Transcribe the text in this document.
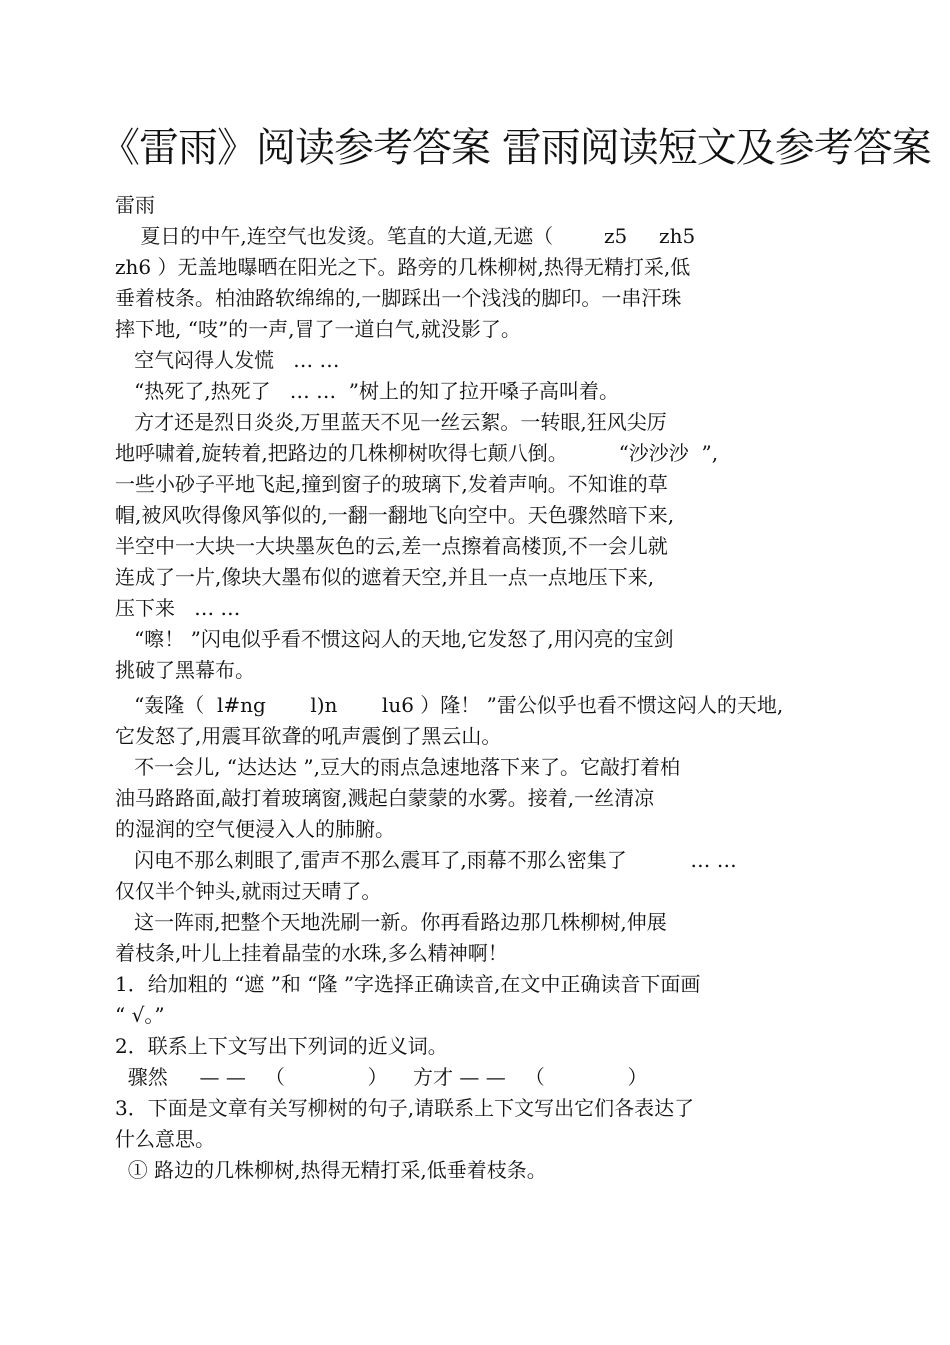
《雷雨》阅读参考答案 雷雨阅读短文及参考答案
雷雨
夏日的中午,连空气也发烫。笔直的大道,无遮（        z5     zh5
zh6 ）无盖地曝晒在阳光之下。路旁的几株柳树,热得无精打采,低
垂着枝条。柏油路软绵绵的,一脚踩出一个浅浅的脚印。一串汗珠
摔下地, “吱”的一声,冒了一道白气,就没影了。
空气闷得人发慌   … …
“热死了,热死了   … …  ”树上的知了拉开嗓子高叫着。
方才还是烈日炎炎,万里蓝天不见一丝云絮。一转眼,狂风尖厉
地呼啸着,旋转着,把路边的几株柳树吹得七颠八倒。        “沙沙沙  ”,
一些小砂子平地飞起,撞到窗子的玻璃下,发着声响。不知谁的草
帽,被风吹得像风筝似的,一翻一翻地飞向空中。天色骤然暗下来,
半空中一大块一大块墨灰色的云,差一点擦着高楼顶,不一会儿就
连成了一片,像块大墨布似的遮着天空,并且一点一点地压下来,
压下来   … …
“嚓！ ”闪电似乎看不惯这闷人的天地,它发怒了,用闪亮的宝剑
挑破了黑幕布。
“轰隆（  l#ng       l)n       lu6 ）隆！ ”雷公似乎也看不惯这闷人的天地,
它发怒了,用震耳欲聋的吼声震倒了黑云山。
不一会儿, “达达达 ”,豆大的雨点急速地落下来了。它敲打着柏
油马路路面,敲打着玻璃窗,溅起白蒙蒙的水雾。接着,一丝清凉
的湿润的空气便浸入人的肺腑。
闪电不那么刺眼了,雷声不那么震耳了,雨幕不那么密集了          … …
仅仅半个钟头,就雨过天晴了。
这一阵雨,把整个天地洗刷一新。你再看路边那几株柳树,伸展
着枝条,叶儿上挂着晶莹的水珠,多么精神啊！
1．给加粗的 “遮 ”和 “隆 ”字选择正确读音,在文中正确读音下面画
“ √。”
2．联系上下文写出下列词的近义词。
骤然     — —   （             ）    方才 — —   （             ）
3．下面是文章有关写柳树的句子,请联系上下文写出它们各表达了
什么意思。
① 路边的几株柳树,热得无精打采,低垂着枝条。
